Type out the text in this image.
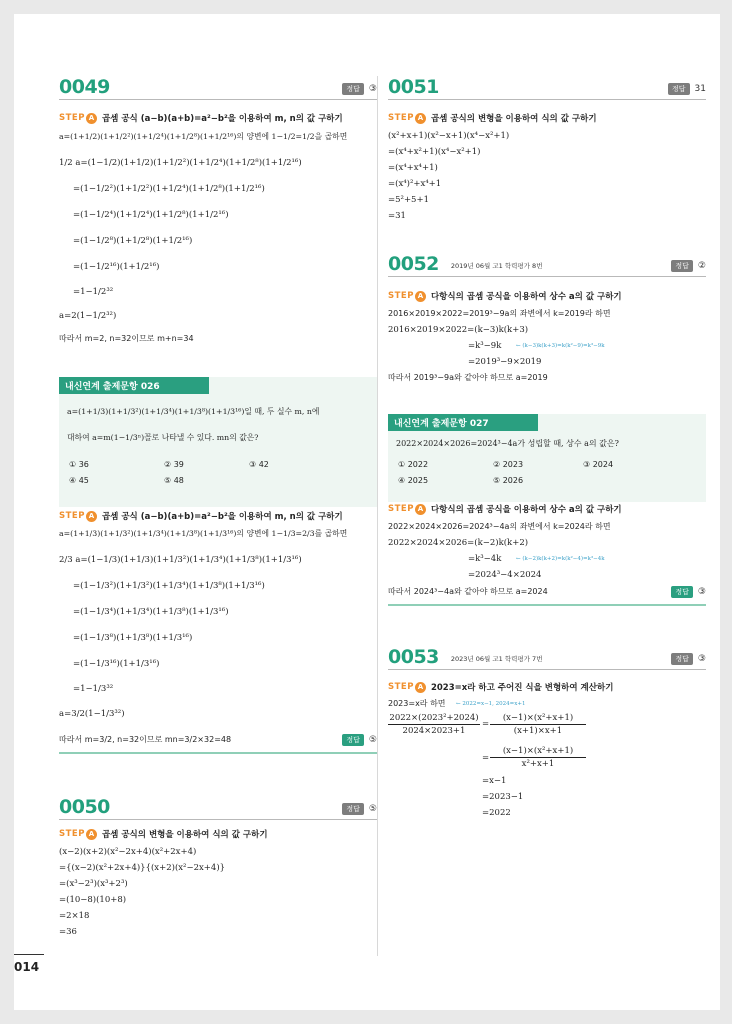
0049	정답	③
STEP A 곱셈 공식 (a−b)(a+b)=a²−b²을 이용하여 m, n의 값 구하기
a=(1+1/2)(1+1/2²)(1+1/2⁴)(1+1/2⁸)(1+1/2¹⁶)의 양변에 1−1/2=1/2을 곱하면
1/2 a=(1−1/2)(1+1/2)(1+1/2²)(1+1/2⁴)(1+1/2⁸)(1+1/2¹⁶)
=(1−1/2²)(1+1/2²)(1+1/2⁴)(1+1/2⁸)(1+1/2¹⁶)
=(1−1/2⁴)(1+1/2⁴)(1+1/2⁸)(1+1/2¹⁶)
=(1−1/2⁸)(1+1/2⁸)(1+1/2¹⁶)
=(1−1/2¹⁶)(1+1/2¹⁶)
=1−1/2³²
a=2(1−1/2³²)
따라서 m=2, n=32이므로 m+n=34
내신연계 출제문항 026
a=(1+1/3)(1+1/3²)(1+1/3⁴)(1+1/3⁸)(1+1/3¹⁶)일 때, 두 실수 m, n에
대하여 a=m(1−1/3ⁿ)꼴로 나타낼 수 있다. mn의 값은?
① 36	② 39	③ 42
④ 45	⑤ 48
STEP A 곱셈 공식 (a−b)(a+b)=a²−b²을 이용하여 m, n의 값 구하기
a=(1+1/3)(1+1/3²)(1+1/3⁴)(1+1/3⁸)(1+1/3¹⁶)의 양변에 1−1/3=2/3를 곱하면
2/3 a=(1−1/3)(1+1/3)(1+1/3²)(1+1/3⁴)(1+1/3⁸)(1+1/3¹⁶)
=(1−1/3²)(1+1/3²)(1+1/3⁴)(1+1/3⁸)(1+1/3¹⁶)
=(1−1/3⁴)(1+1/3⁴)(1+1/3⁸)(1+1/3¹⁶)
=(1−1/3⁸)(1+1/3⁸)(1+1/3¹⁶)
=(1−1/3¹⁶)(1+1/3¹⁶)
=1−1/3³²
a=3/2(1−1/3³²)
따라서 m=3/2, n=32이므로 mn=3/2×32=48	정답	⑤
0050	정답	⑤
STEP A 곱셈 공식의 변형을 이용하여 식의 값 구하기
(x−2)(x+2)(x²−2x+4)(x²+2x+4)
={(x−2)(x²+2x+4)}{(x+2)(x²−2x+4)}
=(x³−2³)(x³+2³)
=(10−8)(10+8)
=2×18
=36
0051	정답	31
STEP A 곱셈 공식의 변형을 이용하여 식의 값 구하기
(x²+x+1)(x²−x+1)(x⁴−x²+1)
=(x⁴+x²+1)(x⁴−x²+1)
=(x⁴+x⁴+1)
=(x⁴)²+x⁴+1
=5²+5+1
=31
0052 2019년 06월 고1 학력평가 8번	정답	②
STEP A 다항식의 곱셈 공식을 이용하여 상수 a의 값 구하기
2016×2019×2022=2019³−9a의 좌변에서 k=2019라 하면
2016×2019×2022=(k−3)k(k+3)
=k³−9k	← (k−3)k(k+3)=k(k²−9)=k³−9k
=2019³−9×2019
따라서 2019³−9a와 같아야 하므로 a=2019
내신연계 출제문항 027
2022×2024×2026=2024³−4a가 성립할 때, 상수 a의 값은?
① 2022	② 2023	③ 2024
④ 2025	⑤ 2026
STEP A 다항식의 곱셈 공식을 이용하여 상수 a의 값 구하기
2022×2024×2026=2024³−4a의 좌변에서 k=2024라 하면
2022×2024×2026=(k−2)k(k+2)
=k³−4k	← (k−2)k(k+2)=k(k²−4)=k³−4k
=2024³−4×2024
따라서 2024³−4a와 같아야 하므로 a=2024	정답	③
0053 2023년 06월 고1 학력평가 7번	정답	③
STEP A 2023=x라 하고 주어진 식을 변형하여 계산하기
2023=x라 하면 ← 2022=x−1, 2024=x+1
2022×(2023²+2024)
2024×2023+1
=
(x−1)×(x²+x+1)
(x+1)×x+1
=
(x−1)×(x²+x+1)
x²+x+1
=x−1
=2023−1
=2022
014
